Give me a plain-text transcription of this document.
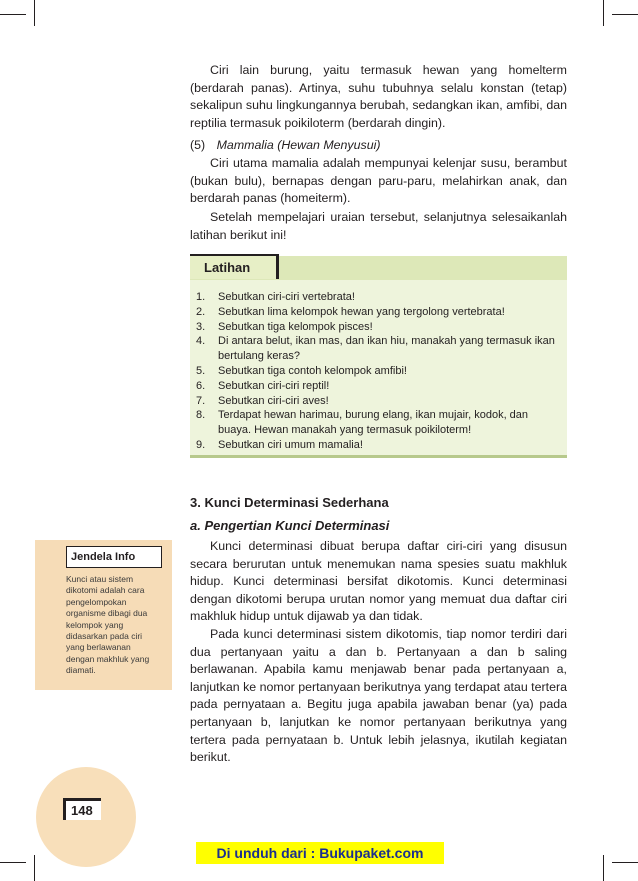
Ciri lain burung, yaitu termasuk hewan yang homelterm (berdarah panas). Artinya, suhu tubuhnya selalu konstan (tetap) sekalipun suhu lingkungannya berubah, sedangkan ikan, amfibi, dan reptilia termasuk poikiloterm (berdarah dingin).

(5) Mammalia (Hewan Menyusui)

Ciri utama mamalia adalah mempunyai kelenjar susu, berambut (bukan bulu), bernapas dengan paru-paru, melahirkan anak, dan berdarah panas (homeiterm).

Setelah mempelajari uraian tersebut, selanjutnya selesaikanlah latihan berikut ini!

Latihan
1. Sebutkan ciri-ciri vertebrata!
2. Sebutkan lima kelompok hewan yang tergolong vertebrata!
3. Sebutkan tiga kelompok pisces!
4. Di antara belut, ikan mas, dan ikan hiu, manakah yang termasuk ikan bertulang keras?
5. Sebutkan tiga contoh kelompok amfibi!
6. Sebutkan ciri-ciri reptil!
7. Sebutkan ciri-ciri aves!
8. Terdapat hewan harimau, burung elang, ikan mujair, kodok, dan buaya. Hewan manakah yang termasuk poikiloterm!
9. Sebutkan ciri umum mamalia!
3. Kunci Determinasi Sederhana
a. Pengertian Kunci Determinasi

Kunci determinasi dibuat berupa daftar ciri-ciri yang disusun secara berurutan untuk menemukan nama spesies suatu makhluk hidup. Kunci determinasi bersifat dikotomis. Kunci determinasi dengan dikotomi berupa urutan nomor yang memuat dua daftar ciri makhluk hidup untuk dijawab ya dan tidak.

Pada kunci determinasi sistem dikotomis, tiap nomor terdiri dari dua pertanyaan yaitu a dan b. Pertanyaan a dan b saling berlawanan. Apabila kamu menjawab benar pada pertanyaan a, lanjutkan ke nomor pertanyaan berikutnya yang terdapat atau tertera pada pernyataan a. Begitu juga apabila jawaban benar (ya) pada pertanyaan b, lanjutkan ke nomor pertanyaan berikutnya yang tertera pada pernyataan b. Untuk lebih jelasnya, ikutilah kegiatan berikut.

Jendela Info
Kunci atau sistem dikotomi adalah cara pengelompokan organisme dibagi dua kelompok yang didasarkan pada ciri yang berlawanan dengan makhluk yang diamati.
148
Di unduh dari : Bukupaket.com
